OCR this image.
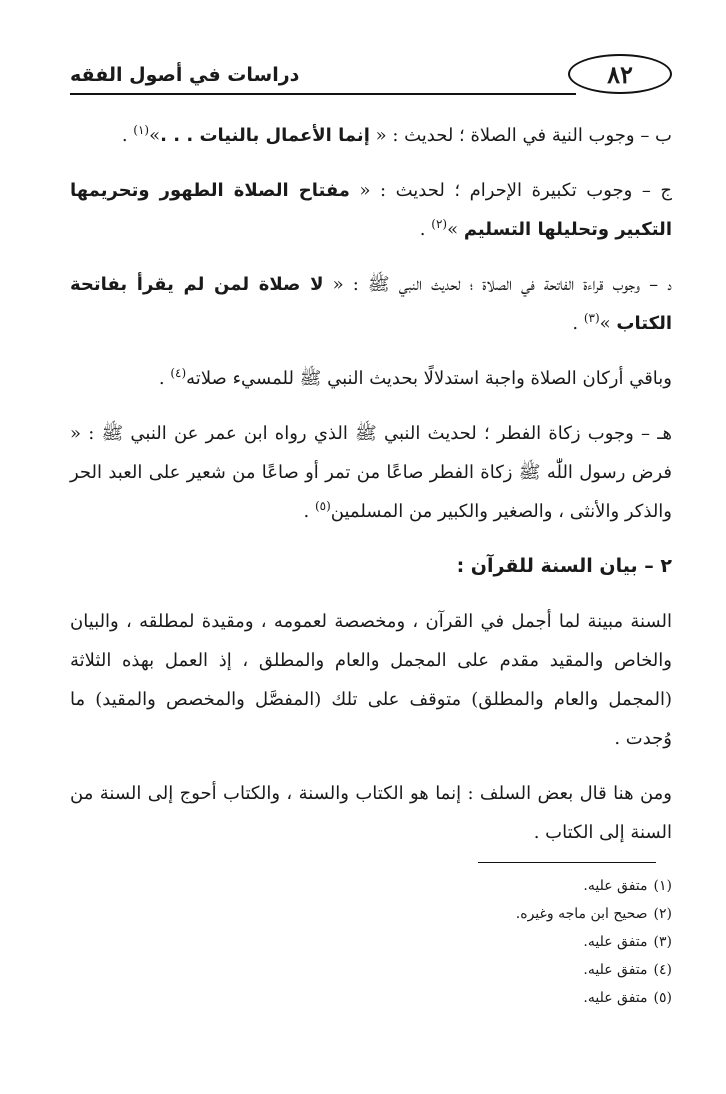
٨٢
دراسات في أصول الفقه

ب – وجوب النية في الصلاة ؛ لحديث : « إنما الأعمال بالنيات . . .»$^{(١)}$ .

ج – وجوب تكبيرة الإحرام ؛ لحديث : « مفتاح الصلاة الطهور وتحريمها التكبير وتحليلها التسليم »$^{(٢)}$ .

د – وجوب قراءة الفاتحة في الصلاة ؛ لحديث النبي ﷺ : « لا صلاة لمن لم يقرأ بفاتحة الكتاب »$^{(٣)}$ .

وباقي أركان الصلاة واجبة استدلالًا بحديث النبي ﷺ للمسيء صلاته$^{(٤)}$ .

هـ – وجوب زكاة الفطر ؛ لحديث النبي ﷺ الذي رواه ابن عمر عن النبي ﷺ : « فرض رسول اللّٰه ﷺ زكاة الفطر صاعًا من تمر أو صاعًا من شعير على العبد الحر والذكر والأنثى ، والصغير والكبير من المسلمين$^{(٥)}$ .

٢ – بيان السنة للقرآن :

السنة مبينة لما أجمل في القرآن ، ومخصصة لعمومه ، ومقيدة لمطلقه ، والبيان والخاص والمقيد مقدم على المجمل والعام والمطلق ، إذ العمل بهذه الثلاثة (المجمل والعام والمطلق) متوقف على تلك (المفصَّل والمخصص والمقيد) ما وُجدت .

ومن هنا قال بعض السلف : إنما هو الكتاب والسنة ، والكتاب أحوج إلى السنة من السنة إلى الكتاب .

(١)متفق عليه.
(٢)صحيح ابن ماجه وغيره.
(٣)متفق عليه.
(٤)متفق عليه.
(٥)متفق عليه.
